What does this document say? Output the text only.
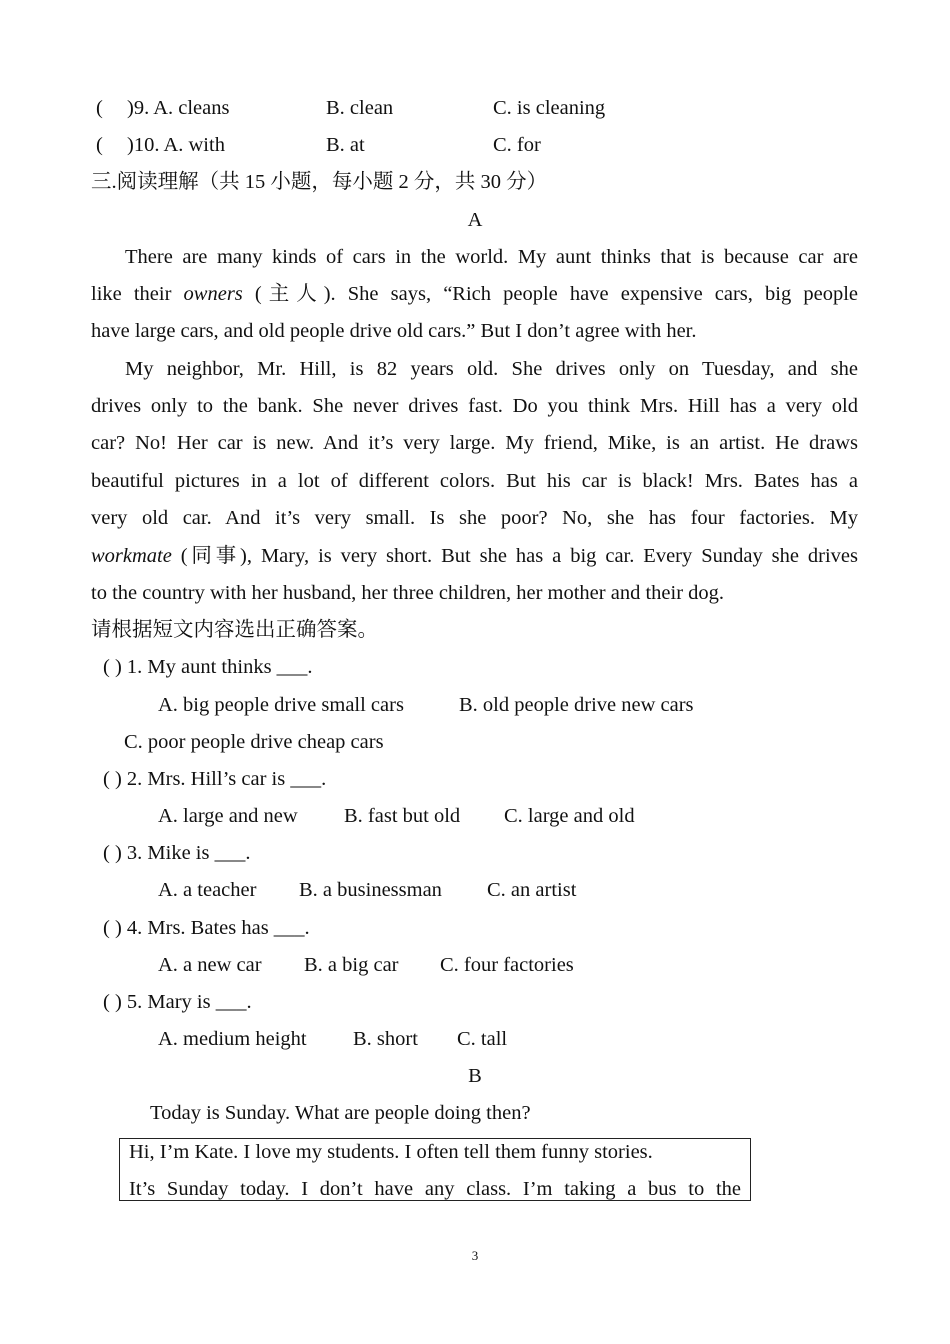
( )9. A. cleans	B. clean	C. is cleaning
( )10. A. with	B. at	C. for
三.阅读理解（共 15 小题，每小题 2 分，共 30 分）
A
There are many kinds of cars in the world. My aunt thinks that is because car are
like their owners (主人). She says, “Rich people have expensive cars, big people
have large cars, and old people drive old cars.” But I don’t agree with her.
My neighbor, Mr. Hill, is 82 years old. She drives only on Tuesday, and she
drives only to the bank. She never drives fast. Do you think Mrs. Hill has a very old
car? No! Her car is new. And it’s very large. My friend, Mike, is an artist. He draws
beautiful pictures in a lot of different colors. But his car is black! Mrs. Bates has a
very old car. And it’s very small. Is she poor? No, she has four factories. My
workmate (同事), Mary, is very short. But she has a big car. Every Sunday she drives
to the country with her husband, her three children, her mother and their dog.
请根据短文内容选出正确答案。
( ) 1. My aunt thinks ___.
A. big people drive small cars	B. old people drive new cars
C. poor people drive cheap cars
( ) 2. Mrs. Hill’s car is ___.
A. large and new B. fast but old C. large and old
( ) 3. Mike is ___.
A. a teacher B. a businessman C. an artist
( ) 4. Mrs. Bates has ___.
A. a new car B. a big car C. four factories
( ) 5. Mary is ___.
A. medium height B. short C. tall
B
Today is Sunday. What are people doing then?
Hi, I’m Kate. I love my students. I often tell them funny stories.
It’s Sunday today. I don’t have any class. I’m taking a bus to the
3
